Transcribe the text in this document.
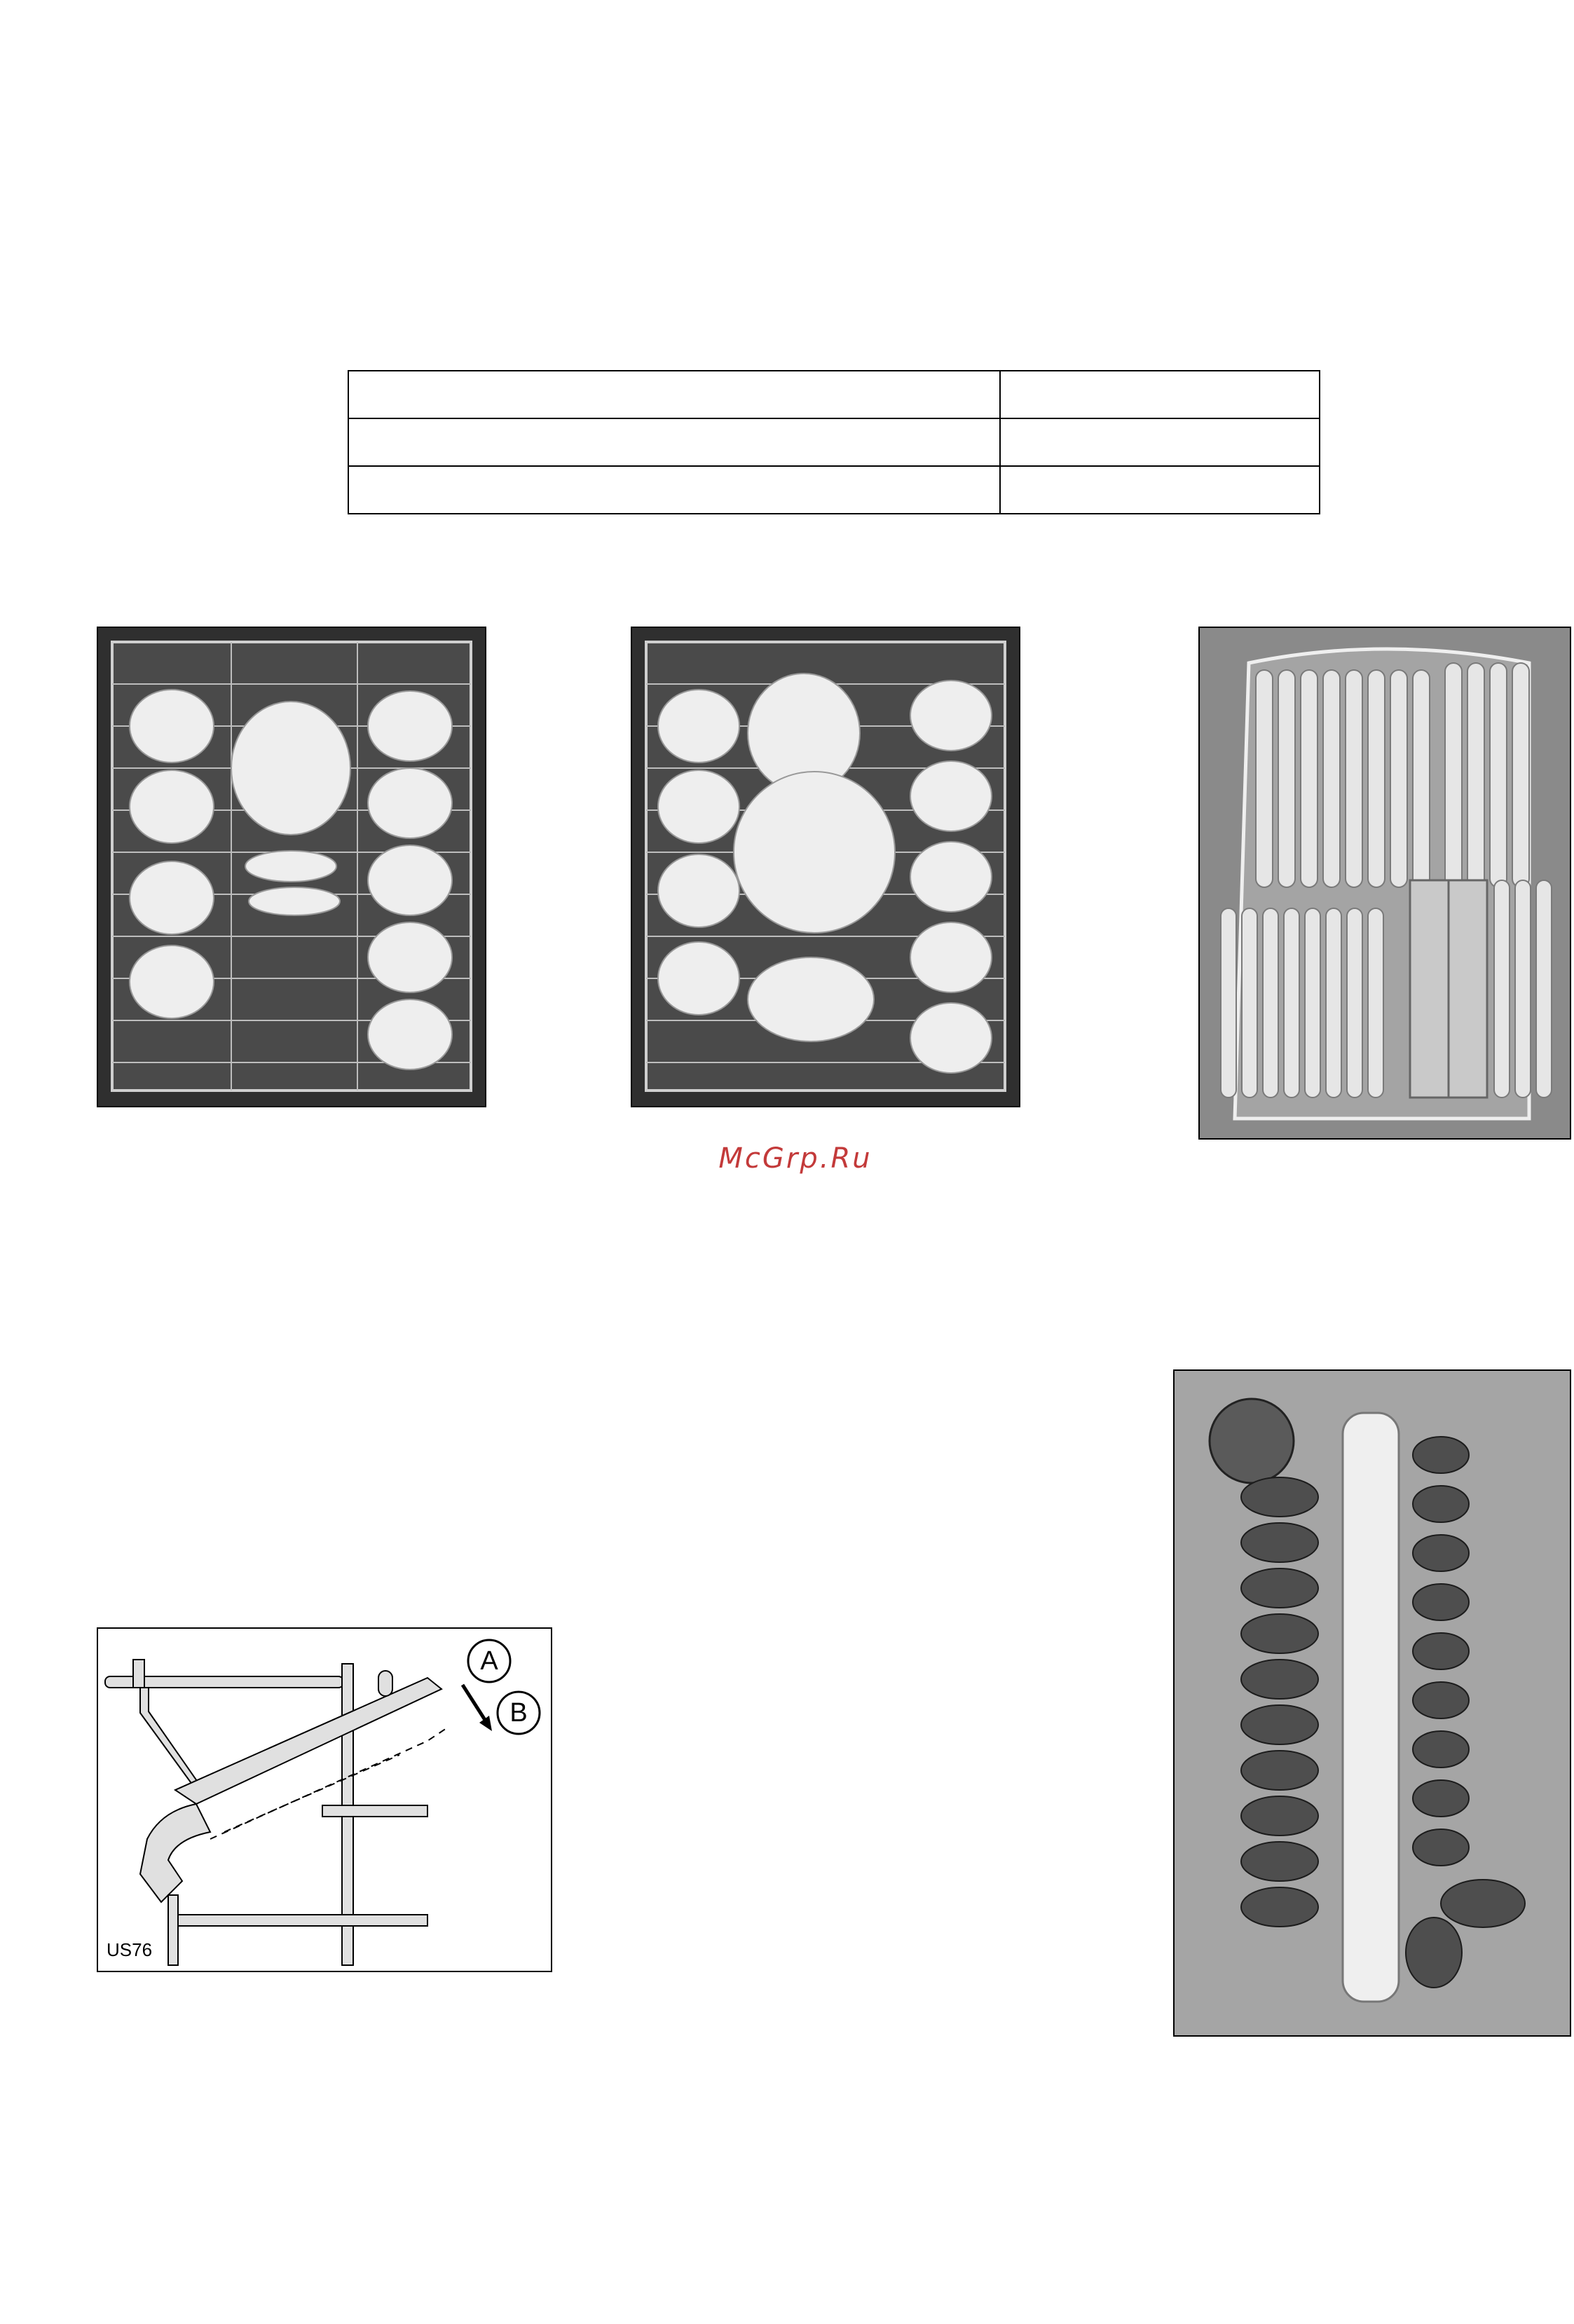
McGrp.Ru
A
B
US76
